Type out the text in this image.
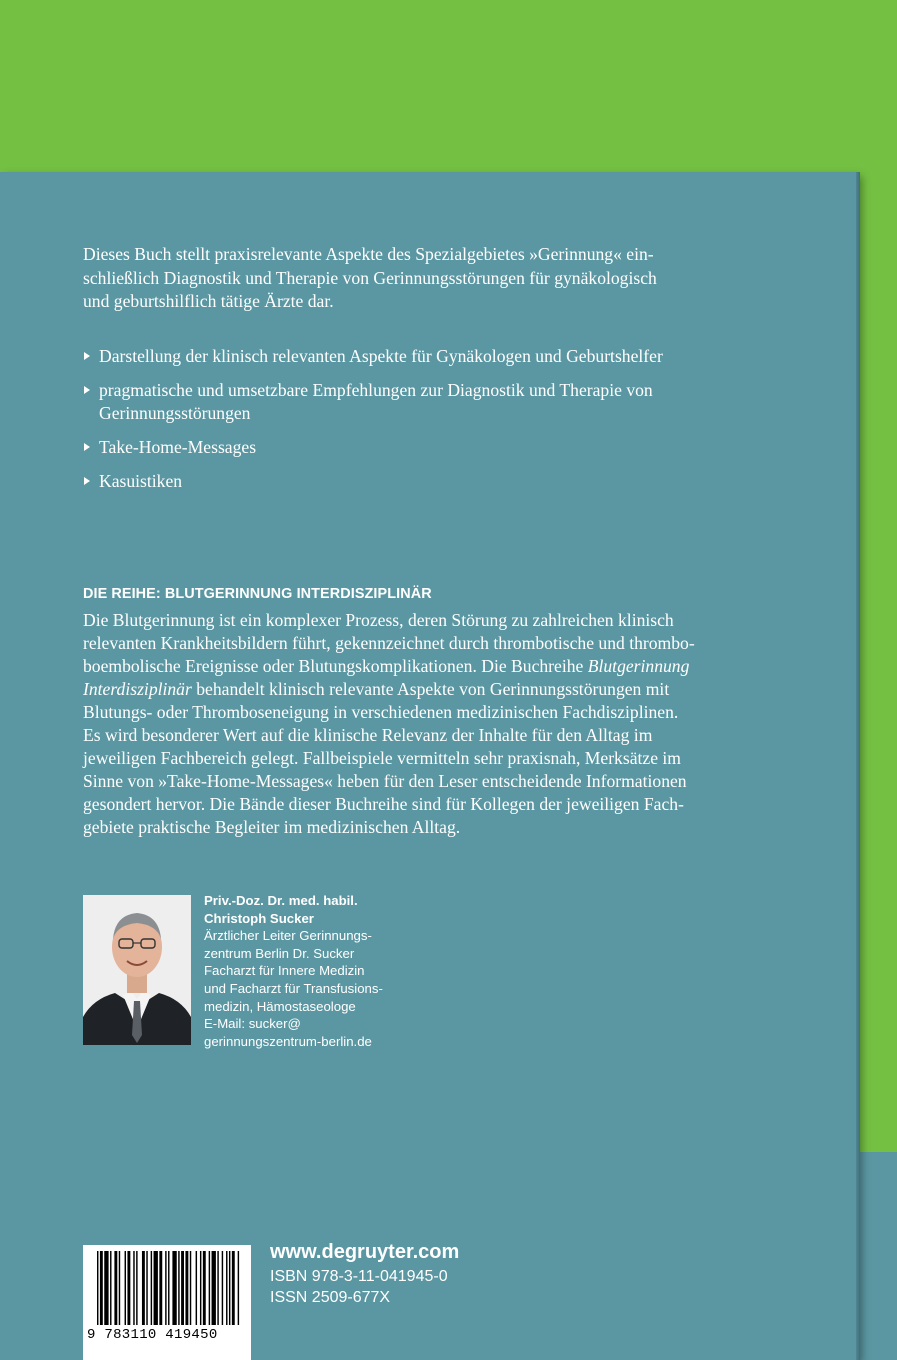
Dieses Buch stellt praxisrelevante Aspekte des Spezialgebietes »Gerinnung« ein-
schließlich Diagnostik und Therapie von Gerinnungsstörungen für gynäkologisch
und geburtshilflich tätige Ärzte dar.
Darstellung der klinisch relevanten Aspekte für Gynäkologen und Geburtshelfer
pragmatische und umsetzbare Empfehlungen zur Diagnostik und Therapie von
Gerinnungsstörungen
Take-Home-Messages
Kasuistiken
DIE REIHE: BLUTGERINNUNG INTERDISZIPLINÄR
Die Blutgerinnung ist ein komplexer Prozess, deren Störung zu zahlreichen klinisch
relevanten Krankheitsbildern führt, gekennzeichnet durch thrombotische und thrombo-
boembolische Ereignisse oder Blutungskomplikationen. Die Buchreihe Blutgerinnung
Interdisziplinär behandelt klinisch relevante Aspekte von Gerinnungsstörungen mit
Blutungs- oder Thromboseneigung in verschiedenen medizinischen Fachdisziplinen.
Es wird besonderer Wert auf die klinische Relevanz der Inhalte für den Alltag im
jeweiligen Fachbereich gelegt. Fallbeispiele vermitteln sehr praxisnah, Merksätze im
Sinne von »Take-Home-Messages« heben für den Leser entscheidende Informationen
gesondert hervor. Die Bände dieser Buchreihe sind für Kollegen der jeweiligen Fach-
gebiete praktische Begleiter im medizinischen Alltag.
Priv.-Doz. Dr. med. habil.
Christoph Sucker
Ärztlicher Leiter Gerinnungs-
zentrum Berlin Dr. Sucker
Facharzt für Innere Medizin
und Facharzt für Transfusions-
medizin, Hämostaseologe
E-Mail: sucker@
gerinnungszentrum-berlin.de
9 783110 419450
www.degruyter.com
ISBN 978-3-11-041945-0
ISSN 2509-677X
